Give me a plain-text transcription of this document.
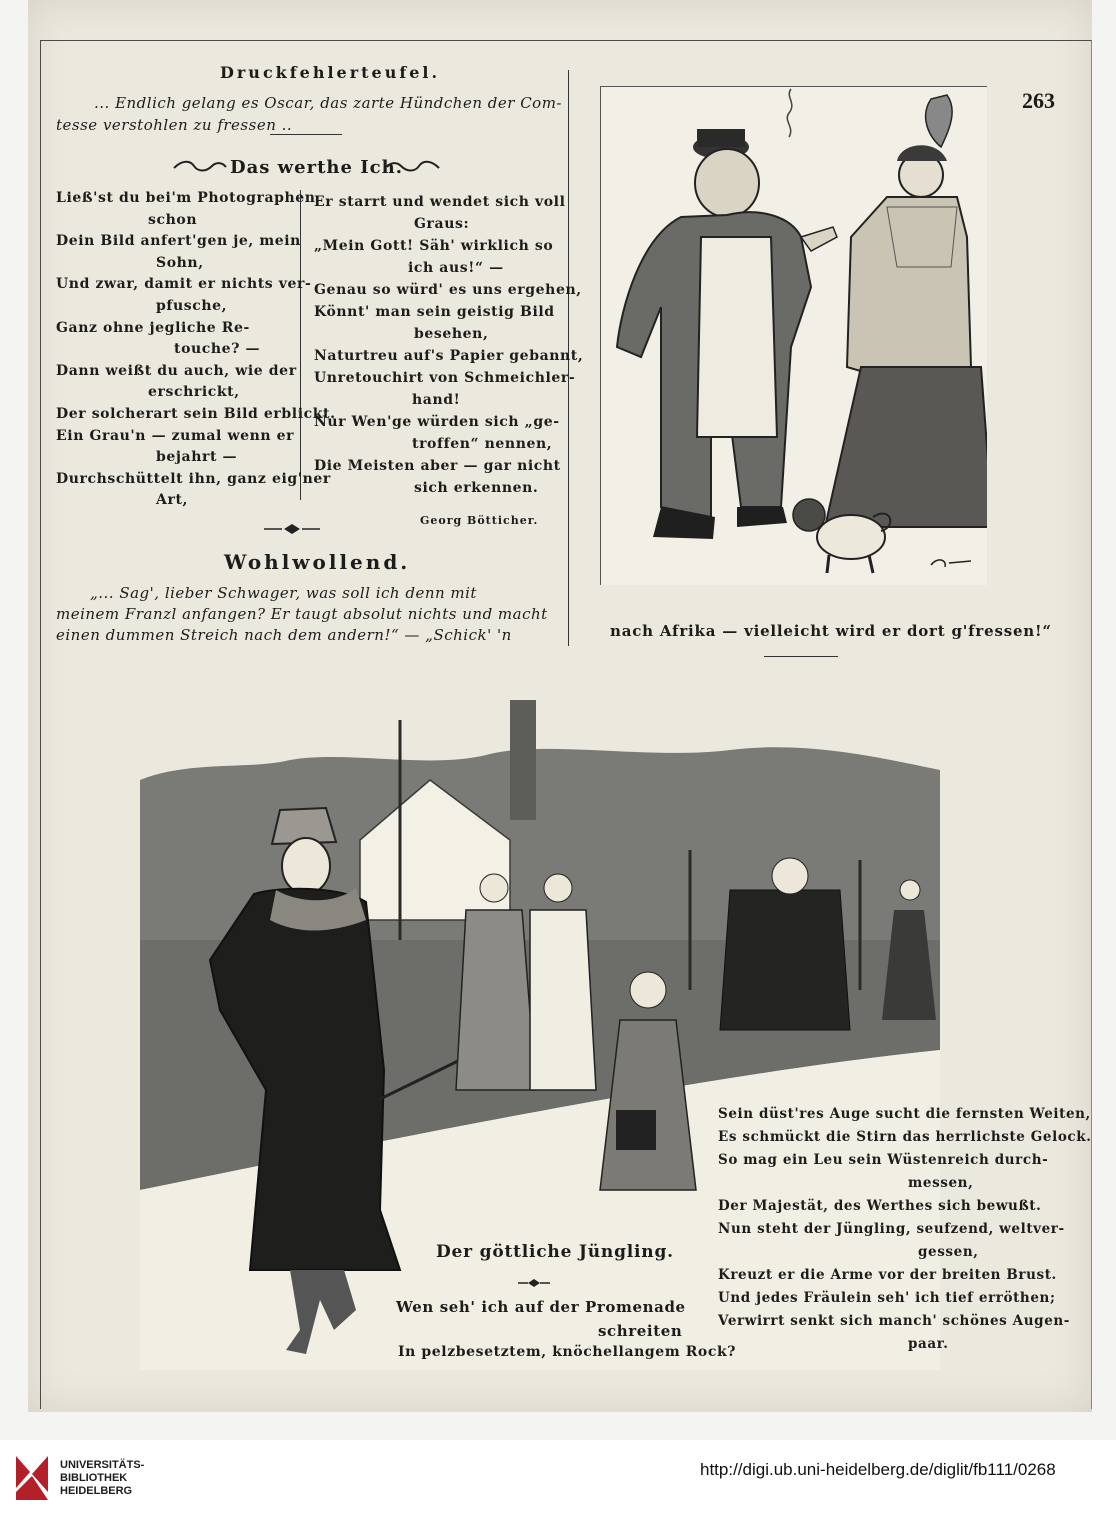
263
Druckfehlerteufel.
... Endlich gelang es Oscar, das zarte Hündchen der Com-
tesse verstohlen zu fressen ..
Das werthe Ich.
Ließ'st du bei'm Photographen
schon
Dein Bild anfert'gen je, mein
Sohn,
Und zwar, damit er nichts ver-
pfusche,
Ganz ohne jegliche Re-
touche? —
Dann weißt du auch, wie der
erschrickt,
Der solcherart sein Bild erblickt.
Ein Grau'n — zumal wenn er
bejahrt —
Durchschüttelt ihn, ganz eig'ner
Art,
Er starrt und wendet sich voll
Graus:
„Mein Gott! Säh' wirklich so
ich aus!“ —
Genau so würd' es uns ergehen,
Könnt' man sein geistig Bild
besehen,
Naturtreu auf's Papier gebannt,
Unretouchirt von Schmeichler-
hand!
Nur Wen'ge würden sich „ge-
troffen“ nennen,
Die Meisten aber — gar nicht
sich erkennen.
Georg Bötticher.
Wohlwollend.
„... Sag', lieber Schwager, was soll ich denn mit
meinem Franzl anfangen? Er taugt absolut nichts und macht
einen dummen Streich nach dem andern!“ — „Schick' 'n	nach Afrika — vielleicht wird er dort g'fressen!“
Der göttliche Jüngling.
Wen seh' ich auf der Promenade
schreiten
In pelzbesetztem, knöchellangem Rock?
Sein düst'res Auge sucht die fernsten Weiten,
Es schmückt die Stirn das herrlichste Gelock.
So mag ein Leu sein Wüstenreich durch-
messen,
Der Majestät, des Werthes sich bewußt.
Nun steht der Jüngling, seufzend, weltver-
gessen,
Kreuzt er die Arme vor der breiten Brust.
Und jedes Fräulein seh' ich tief erröthen;
Verwirrt senkt sich manch' schönes Augen-
paar.
UNIVERSITÄTS-
BIBLIOTHEK
HEIDELBERG
http://digi.ub.uni-heidelberg.de/diglit/fb111/0268
